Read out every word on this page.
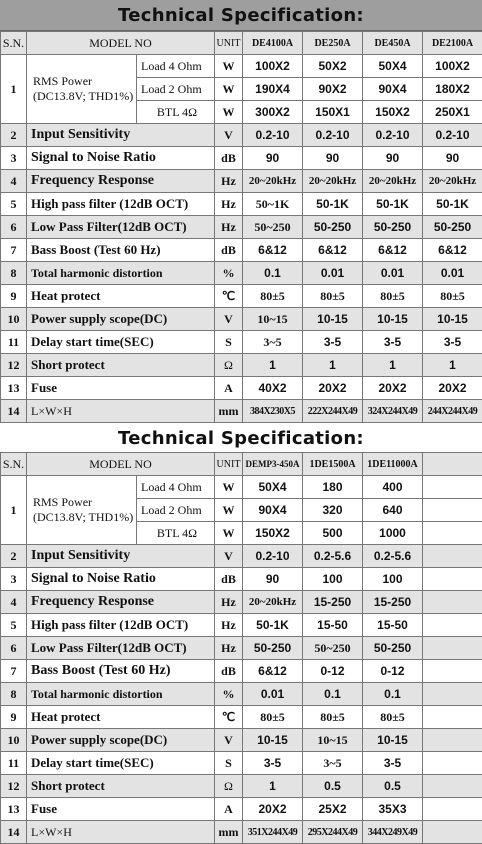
Technical Specification:
S.N.	MODEL NO		UNIT	DE4100A	DE250A	DE450A	DE2100A
1	RMS Power (DC13.8V; THD1%)	Load 4 Ohm	W	100X2	50X2	50X4	100X2
		Load 2 Ohm	W	190X4	90X2	90X4	180X2
		BTL 4Ω	W	300X2	150X1	150X2	250X1
2	Input Sensitivity		V	0.2-10	0.2-10	0.2-10	0.2-10
3	Signal to Noise Ratio		dB	90	90	90	90
4	Frequency Response		Hz	20~20kHz	20~20kHz	20~20kHz	20~20kHz
5	High pass filter (12dB OCT)		Hz	50~1K	50-1K	50-1K	50-1K
6	Low Pass Filter(12dB OCT)		Hz	50~250	50-250	50-250	50-250
7	Bass Boost (Test 60 Hz)		dB	6&12	6&12	6&12	6&12
8	Total harmonic distortion		%	0.1	0.01	0.01	0.01
9	Heat protect		℃	80±5	80±5	80±5	80±5
10	Power supply scope(DC)		V	10~15	10-15	10-15	10-15
11	Delay start time(SEC)		S	3~5	3-5	3-5	3-5
12	Short protect		Ω	1	1	1	1
13	Fuse		A	40X2	20X2	20X2	20X2
14	L×W×H		mm	384X230X5	222X244X49	324X244X49	244X244X49
Technical Specification:
S.N.	MODEL NO		UNIT	DEMP3-450A	1DE1500A	1DE11000A	
1	RMS Power (DC13.8V; THD1%)	Load 4 Ohm	W	50X4	180	400	
		Load 2 Ohm	W	90X4	320	640	
		BTL 4Ω	W	150X2	500	1000	
2	Input Sensitivity		V	0.2-10	0.2-5.6	0.2-5.6	
3	Signal to Noise Ratio		dB	90	100	100	
4	Frequency Response		Hz	20~20kHz	15-250	15-250	
5	High pass filter (12dB OCT)		Hz	50-1K	15-50	15-50	
6	Low Pass Filter(12dB OCT)		Hz	50-250	50~250	50-250	
7	Bass Boost (Test 60 Hz)		dB	6&12	0-12	0-12	
8	Total harmonic distortion		%	0.01	0.1	0.1	
9	Heat protect		℃	80±5	80±5	80±5	
10	Power supply scope(DC)		V	10-15	10~15	10-15	
11	Delay start time(SEC)		S	3-5	3~5	3-5	
12	Short protect		Ω	1	0.5	0.5	
13	Fuse		A	20X2	25X2	35X3	
14	L×W×H		mm	351X244X49	295X244X49	344X249X49	
